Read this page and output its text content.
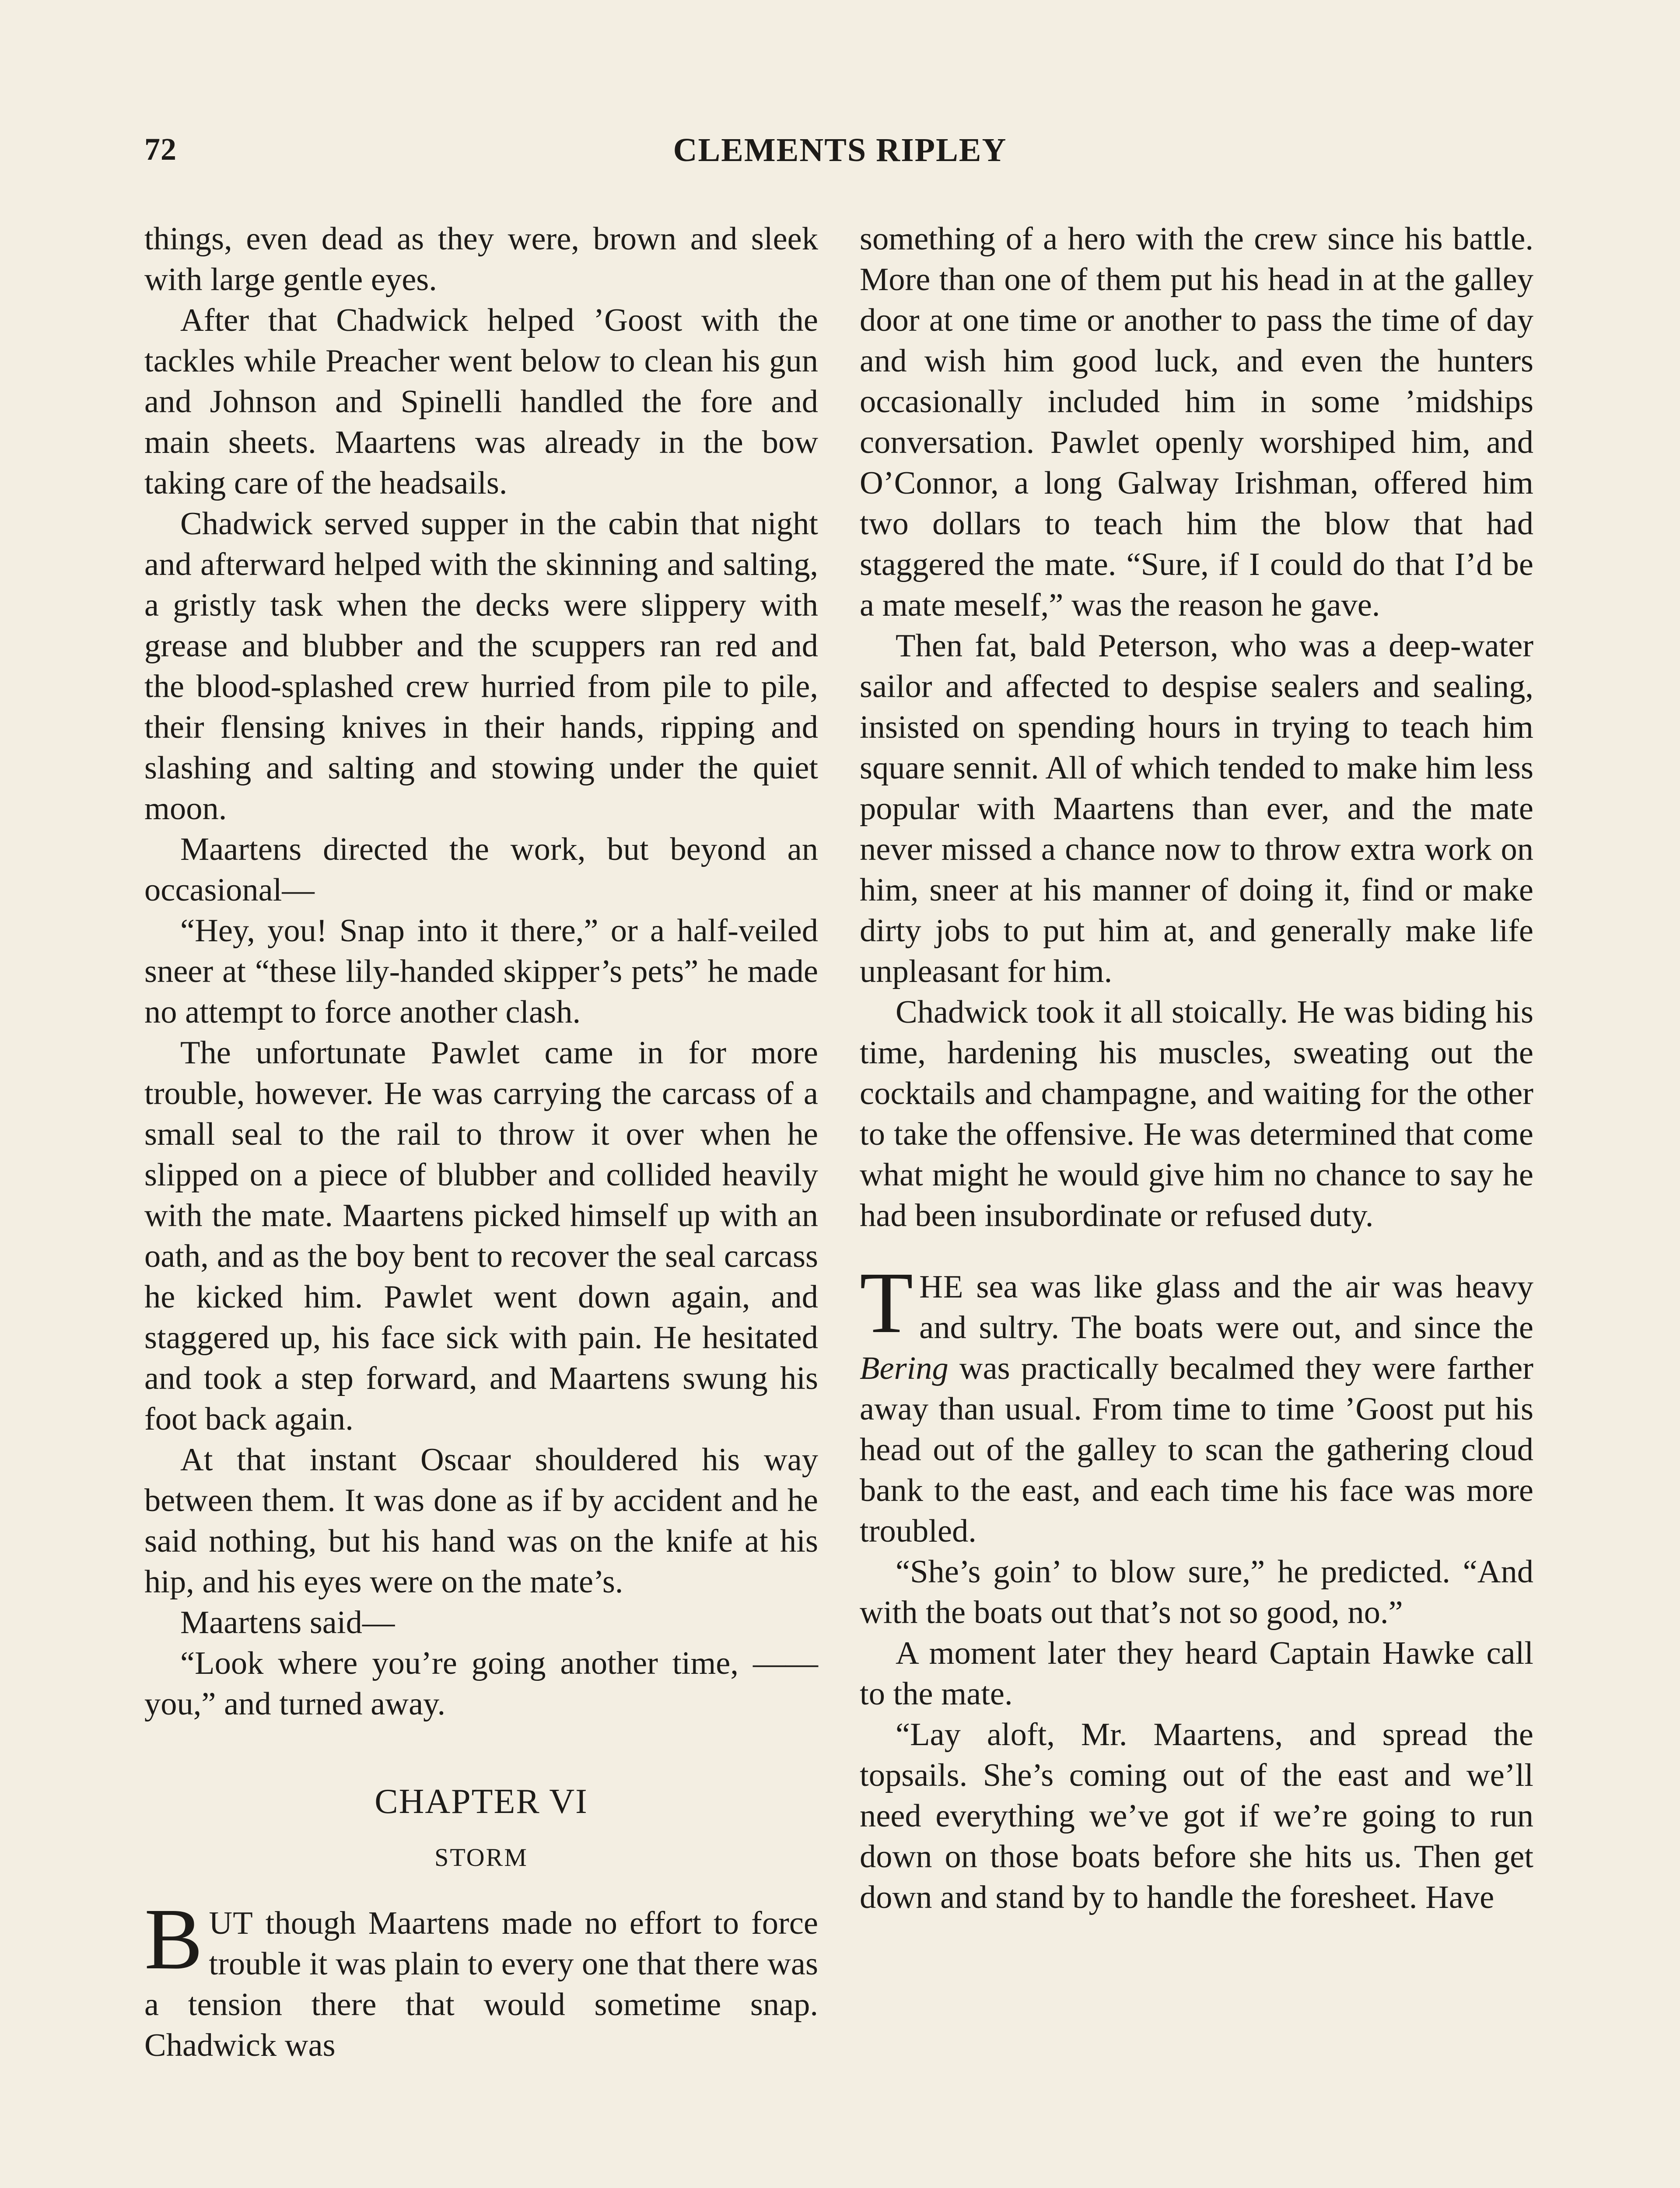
72	CLEMENTS RIPLEY

things, even dead as they were, brown and sleek with large gentle eyes.

After that Chadwick helped ’Goost with the tackles while Preacher went below to clean his gun and Johnson and Spinelli handled the fore and main sheets. Maartens was already in the bow taking care of the headsails.

Chadwick served supper in the cabin that night and afterward helped with the skinning and salting, a gristly task when the decks were slippery with grease and blubber and the scuppers ran red and the blood-splashed crew hurried from pile to pile, their flensing knives in their hands, ripping and slashing and salting and stowing under the quiet moon.

Maartens directed the work, but beyond an occasional—

“Hey, you! Snap into it there,” or a half-veiled sneer at “these lily-handed skipper’s pets” he made no attempt to force another clash.

The unfortunate Pawlet came in for more trouble, however. He was carrying the carcass of a small seal to the rail to throw it over when he slipped on a piece of blubber and collided heavily with the mate. Maartens picked himself up with an oath, and as the boy bent to recover the seal carcass he kicked him. Pawlet went down again, and staggered up, his face sick with pain. He hesitated and took a step forward, and Maartens swung his foot back again.

At that instant Oscaar shouldered his way between them. It was done as if by accident and he said nothing, but his hand was on the knife at his hip, and his eyes were on the mate’s.

Maartens said—

“Look where you’re going another time, —— you,” and turned away.

CHAPTER VI
STORM

BUT though Maartens made no effort to force trouble it was plain to every one that there was a tension there that would sometime snap. Chadwick was

something of a hero with the crew since his battle. More than one of them put his head in at the galley door at one time or another to pass the time of day and wish him good luck, and even the hunters occasionally included him in some ’midships conversation. Pawlet openly worshiped him, and O’Connor, a long Galway Irishman, offered him two dollars to teach him the blow that had staggered the mate. “Sure, if I could do that I’d be a mate meself,” was the reason he gave.

Then fat, bald Peterson, who was a deep-water sailor and affected to despise sealers and sealing, insisted on spending hours in trying to teach him square sennit. All of which tended to make him less popular with Maartens than ever, and the mate never missed a chance now to throw extra work on him, sneer at his manner of doing it, find or make dirty jobs to put him at, and generally make life unpleasant for him.

Chadwick took it all stoically. He was biding his time, hardening his muscles, sweating out the cocktails and champagne, and waiting for the other to take the offensive. He was determined that come what might he would give him no chance to say he had been insubordinate or refused duty.

THE sea was like glass and the air was heavy and sultry. The boats were out, and since the Bering was practically becalmed they were farther away than usual. From time to time ’Goost put his head out of the galley to scan the gathering cloud bank to the east, and each time his face was more troubled.

“She’s goin’ to blow sure,” he predicted. “And with the boats out that’s not so good, no.”

A moment later they heard Captain Hawke call to the mate.

“Lay aloft, Mr. Maartens, and spread the topsails. She’s coming out of the east and we’ll need everything we’ve got if we’re going to run down on those boats before she hits us. Then get down and stand by to handle the foresheet. Have
